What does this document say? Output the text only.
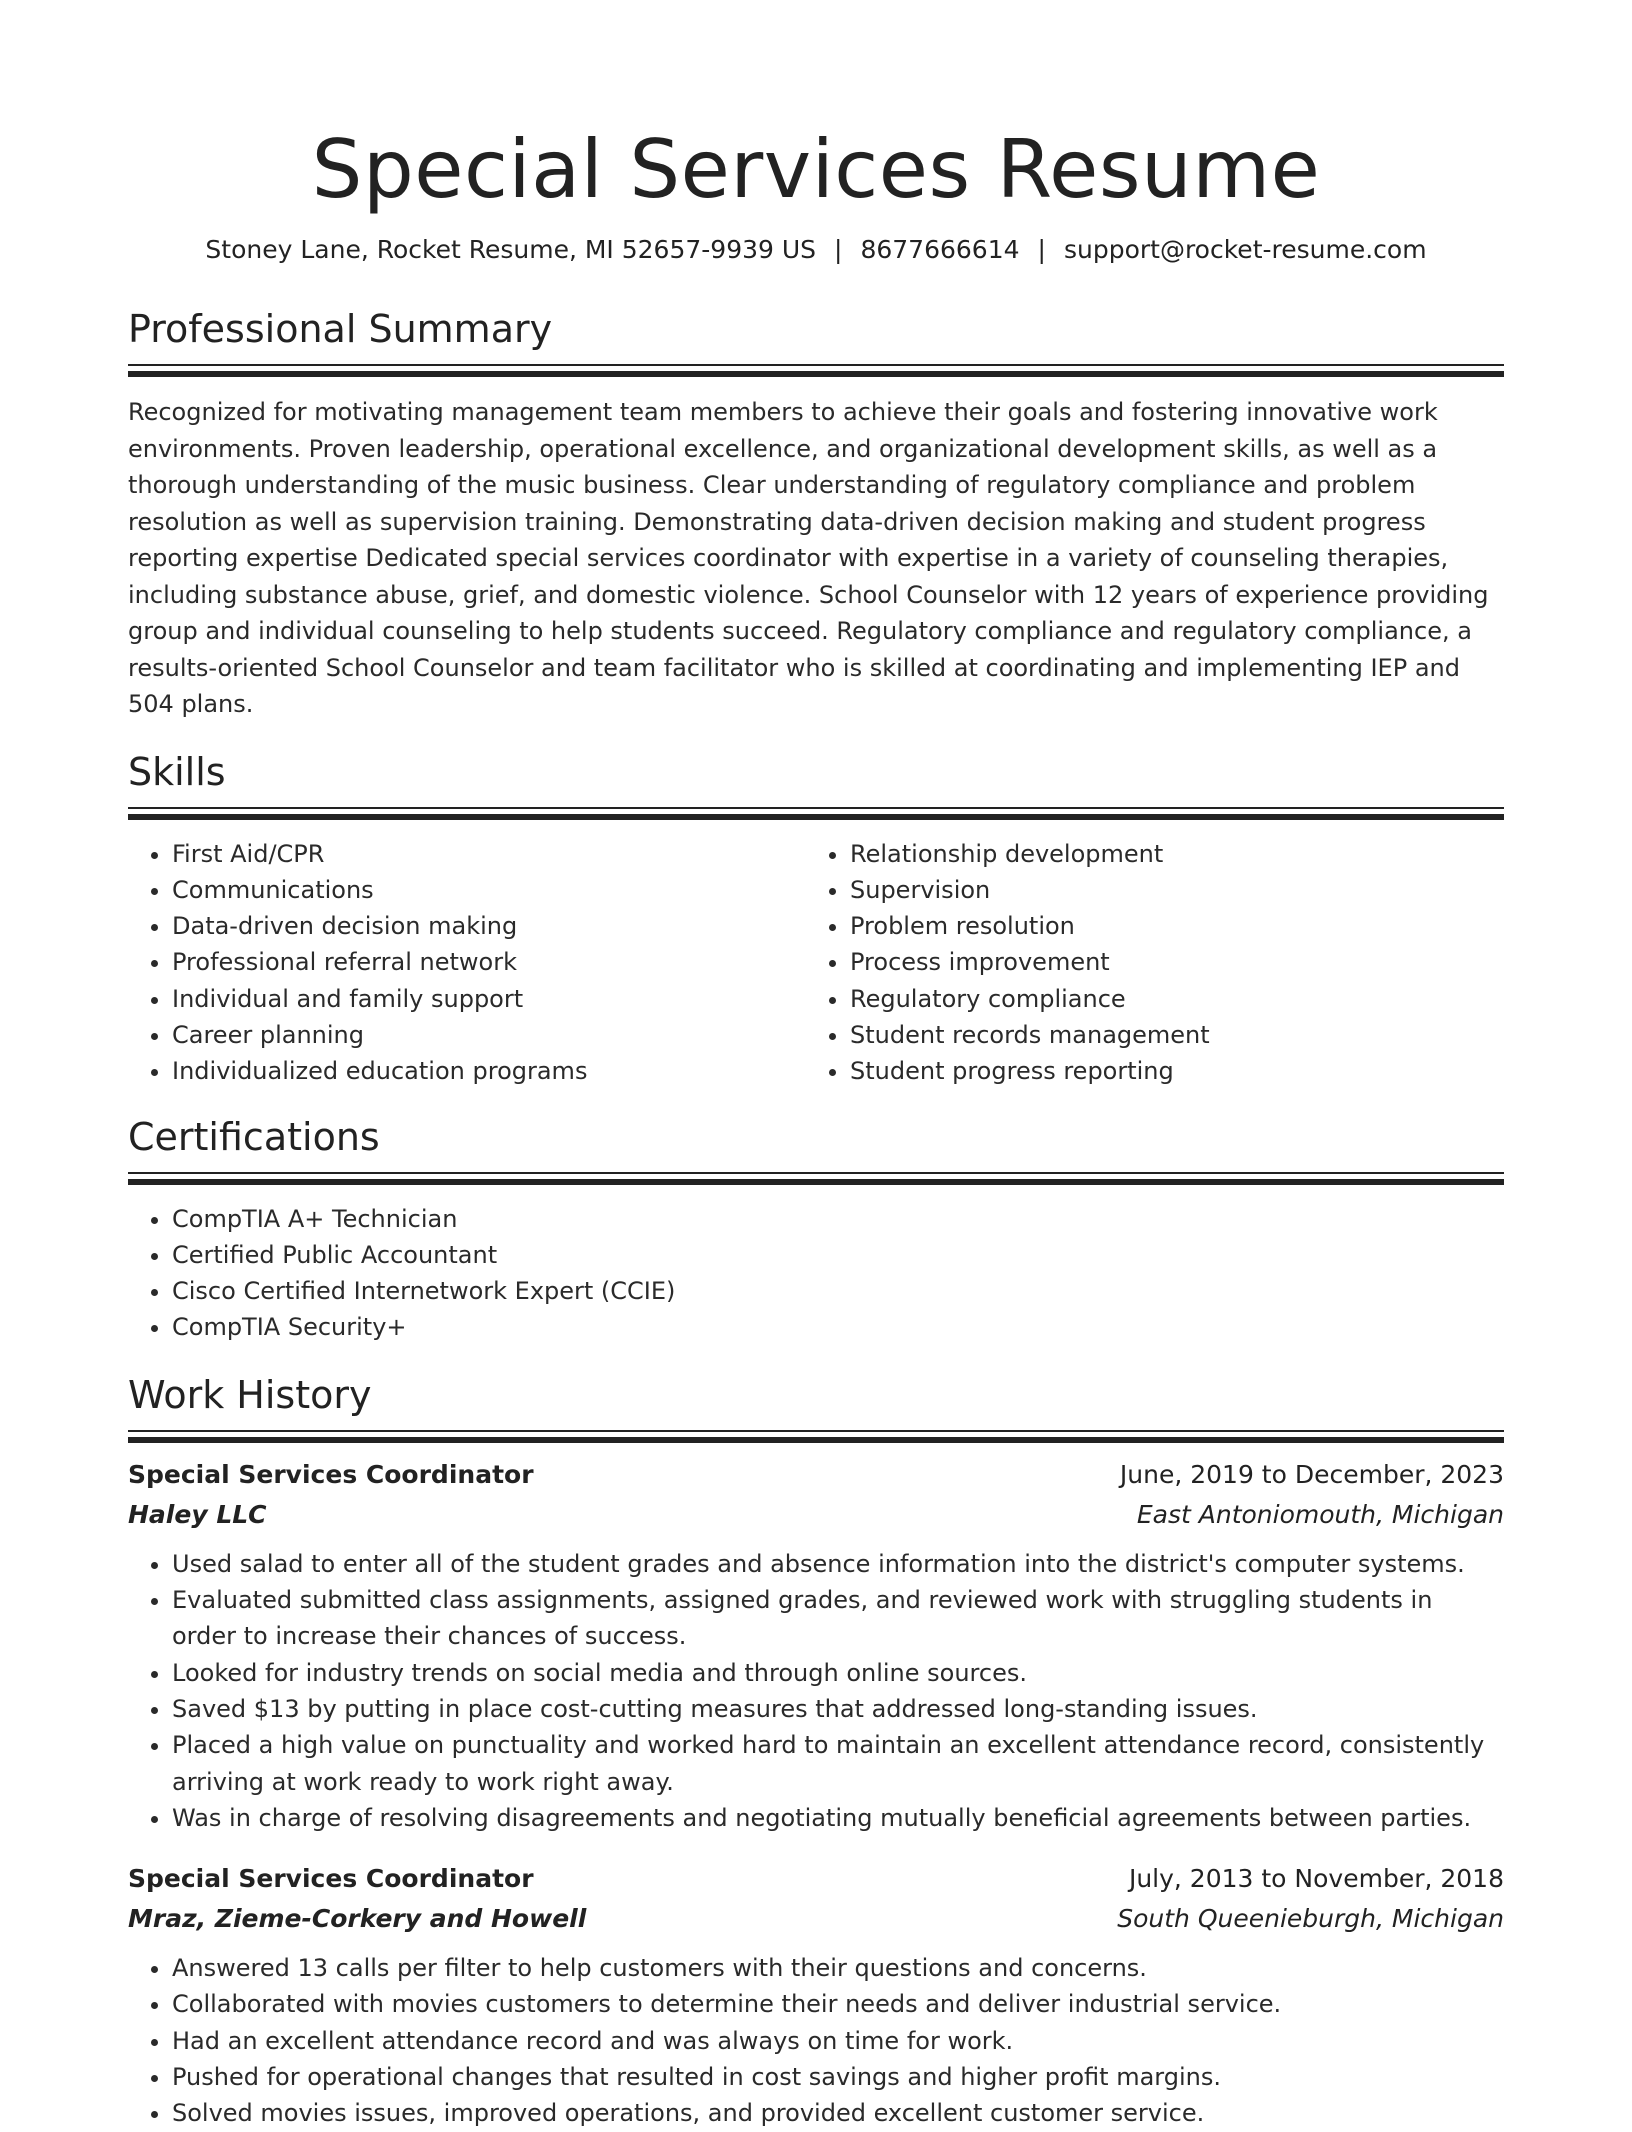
Special Services Resume
Stoney Lane, Rocket Resume, MI 52657-9939 US | 8677666614 | support@rocket-resume.com
Professional Summary

Recognized for motivating management team members to achieve their goals and fostering innovative work environments. Proven leadership, operational excellence, and organizational development skills, as well as a thorough understanding of the music business. Clear understanding of regulatory compliance and problem resolution as well as supervision training. Demonstrating data-driven decision making and student progress reporting expertise Dedicated special services coordinator with expertise in a variety of counseling therapies, including substance abuse, grief, and domestic violence. School Counselor with 12 years of experience providing group and individual counseling to help students succeed. Regulatory compliance and regulatory compliance, a results-oriented School Counselor and team facilitator who is skilled at coordinating and implementing IEP and 504 plans.

Skills
• First Aid/CPR
• Communications
• Data-driven decision making
• Professional referral network
• Individual and family support
• Career planning
• Individualized education programs
• Relationship development
• Supervision
• Problem resolution
• Process improvement
• Regulatory compliance
• Student records management
• Student progress reporting
Certifications
• CompTIA A+ Technician
• Certified Public Accountant
• Cisco Certified Internetwork Expert (CCIE)
• CompTIA Security+
Work History
Special Services Coordinator	June, 2019 to December, 2023
Haley LLC	East Antoniomouth, Michigan
• Used salad to enter all of the student grades and absence information into the district's computer systems.
• Evaluated submitted class assignments, assigned grades, and reviewed work with struggling students in order to increase their chances of success.
• Looked for industry trends on social media and through online sources.
• Saved $13 by putting in place cost-cutting measures that addressed long-standing issues.
• Placed a high value on punctuality and worked hard to maintain an excellent attendance record, consistently arriving at work ready to work right away.
• Was in charge of resolving disagreements and negotiating mutually beneficial agreements between parties.
Special Services Coordinator	July, 2013 to November, 2018
Mraz, Zieme-Corkery and Howell	South Queenieburgh, Michigan
• Answered 13 calls per filter to help customers with their questions and concerns.
• Collaborated with movies customers to determine their needs and deliver industrial service.
• Had an excellent attendance record and was always on time for work.
• Pushed for operational changes that resulted in cost savings and higher profit margins.
• Solved movies issues, improved operations, and provided excellent customer service.
